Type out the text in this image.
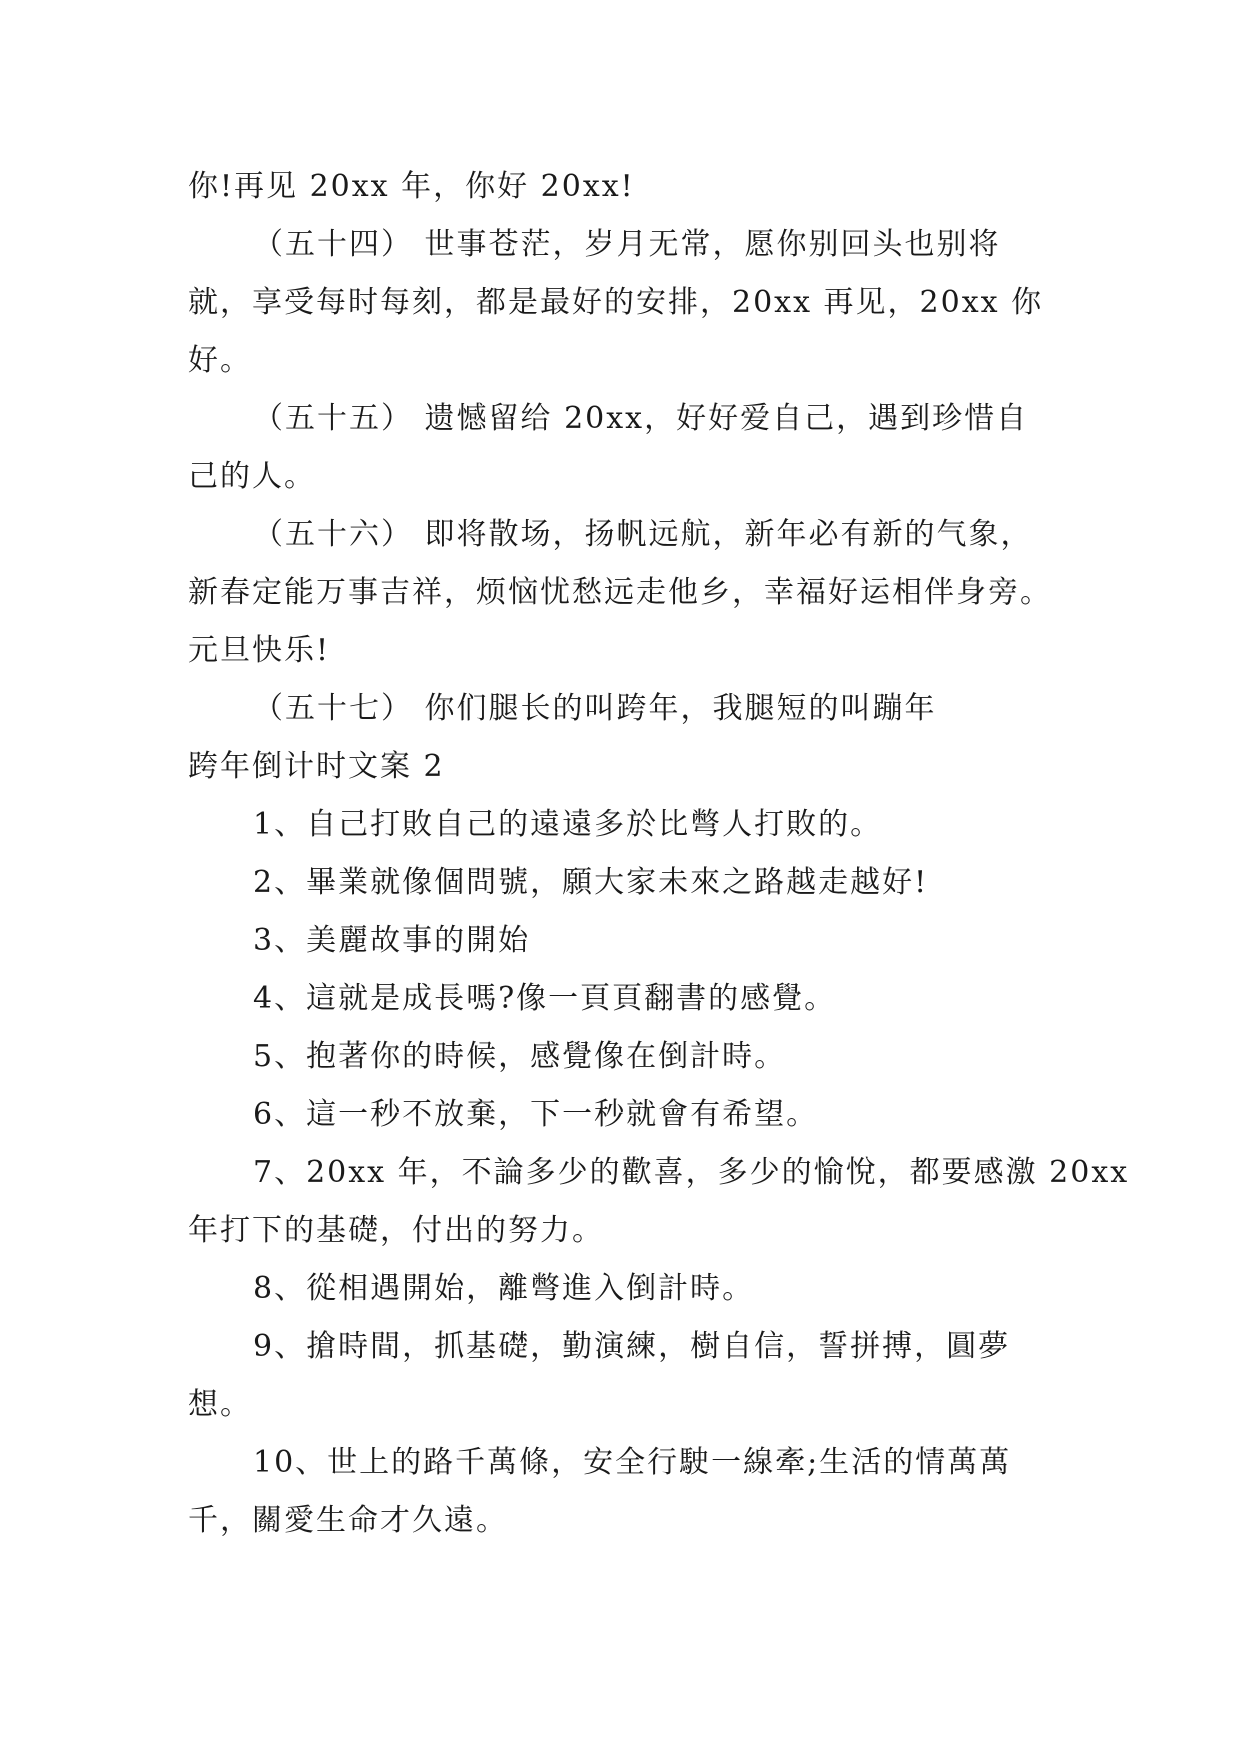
你!再见 20xx 年，你好 20xx!
（五十四） 世事苍茫，岁月无常，愿你别回头也别将
就，享受每时每刻，都是最好的安排，20xx 再见，20xx 你
好。
（五十五） 遗憾留给 20xx，好好爱自己，遇到珍惜自
己的人。
（五十六） 即将散场，扬帆远航，新年必有新的气象，
新春定能万事吉祥，烦恼忧愁远走他乡，幸福好运相伴身旁。
元旦快乐!
（五十七） 你们腿长的叫跨年，我腿短的叫蹦年
跨年倒计时文案 2
1、自己打敗自己的遠遠多於比彆人打敗的。
2、畢業就像個問號，願大家未來之路越走越好!
3、美麗故事的開始
4、這就是成長嗎?像一頁頁翻書的感覺。
5、抱著你的時候，感覺像在倒計時。
6、這一秒不放棄，下一秒就會有希望。
7、20xx 年，不論多少的歡喜，多少的愉悅，都要感激 20xx
年打下的基礎，付出的努力。
8、從相遇開始，離彆進入倒計時。
9、搶時間，抓基礎，勤演練，樹自信，誓拼搏，圓夢
想。
10、世上的路千萬條，安全行駛一線牽;生活的情萬萬
千，關愛生命才久遠。
